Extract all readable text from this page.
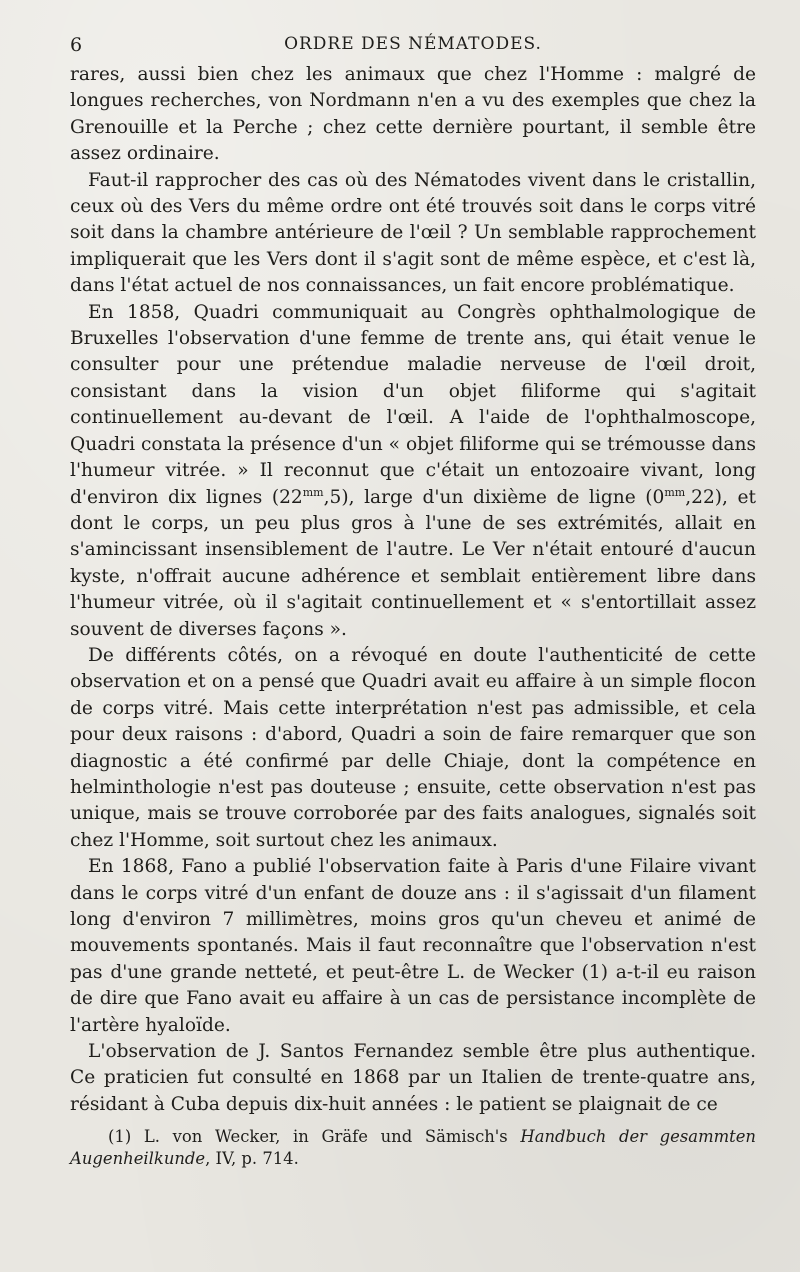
6	ORDRE DES NÉMATODES.

rares, aussi bien chez les animaux que chez l'Homme : malgré de longues recherches, von Nordmann n'en a vu des exemples que chez la Grenouille et la Perche ; chez cette dernière pourtant, il semble être assez ordinaire.

Faut-il rapprocher des cas où des Nématodes vivent dans le cristallin, ceux où des Vers du même ordre ont été trouvés soit dans le corps vitré soit dans la chambre antérieure de l'œil ? Un semblable rapprochement impliquerait que les Vers dont il s'agit sont de même espèce, et c'est là, dans l'état actuel de nos connaissances, un fait encore problématique.

En 1858, Quadri communiquait au Congrès ophthalmologique de Bruxelles l'observation d'une femme de trente ans, qui était venue le consulter pour une prétendue maladie nerveuse de l'œil droit, consistant dans la vision d'un objet filiforme qui s'agitait continuellement au-devant de l'œil. A l'aide de l'ophthalmoscope, Quadri constata la présence d'un « objet filiforme qui se trémousse dans l'humeur vitrée. » Il reconnut que c'était un entozoaire vivant, long d'environ dix lignes $(22^{mm},5)$, large d'un dixième de ligne $(0^{mm},22)$, et dont le corps, un peu plus gros à l'une de ses extrémités, allait en s'amincissant insensiblement de l'autre. Le Ver n'était entouré d'aucun kyste, n'offrait aucune adhérence et semblait entièrement libre dans l'humeur vitrée, où il s'agitait continuellement et « s'entortillait assez souvent de diverses façons ».

De différents côtés, on a révoqué en doute l'authenticité de cette observation et on a pensé que Quadri avait eu affaire à un simple flocon de corps vitré. Mais cette interprétation n'est pas admissible, et cela pour deux raisons : d'abord, Quadri a soin de faire remarquer que son diagnostic a été confirmé par delle Chiaje, dont la compétence en helminthologie n'est pas douteuse ; ensuite, cette observation n'est pas unique, mais se trouve corroborée par des faits analogues, signalés soit chez l'Homme, soit surtout chez les animaux.

En 1868, Fano a publié l'observation faite à Paris d'une Filaire vivant dans le corps vitré d'un enfant de douze ans : il s'agissait d'un filament long d'environ 7 millimètres, moins gros qu'un cheveu et animé de mouvements spontanés. Mais il faut reconnaître que l'observation n'est pas d'une grande netteté, et peut-être L. de Wecker (1) a-t-il eu raison de dire que Fano avait eu affaire à un cas de persistance incomplète de l'artère hyaloïde.

L'observation de J. Santos Fernandez semble être plus authentique. Ce praticien fut consulté en 1868 par un Italien de trente-quatre ans, résidant à Cuba depuis dix-huit années : le patient se plaignait de ce

(1) L. von Wecker, in Gräfe und Sämisch's Handbuch der gesammten Augenheilkunde, IV, p. 714.
